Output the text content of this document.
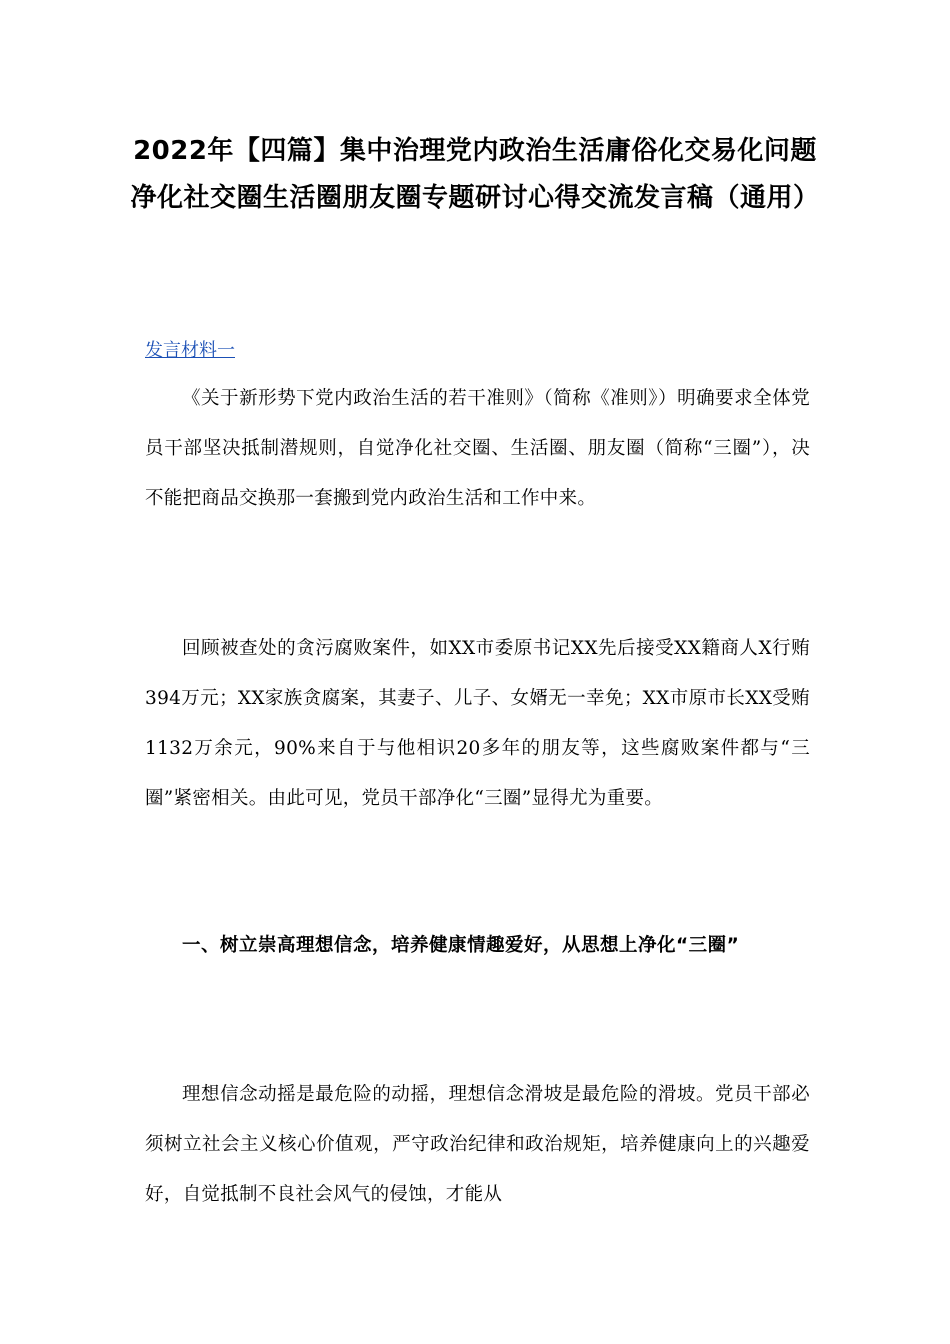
2022年【四篇】集中治理党内政治生活庸俗化交易化问题净化社交圈生活圈朋友圈专题研讨心得交流发言稿（通用）

发言材料一

《关于新形势下党内政治生活的若干准则》（简称《准则》）明确要求全体党员干部坚决抵制潜规则，自觉净化社交圈、生活圈、朋友圈（简称“三圈”），决不能把商品交换那一套搬到党内政治生活和工作中来。

回顾被查处的贪污腐败案件，如XX市委原书记XX先后接受XX籍商人X行贿394万元；XX家族贪腐案，其妻子、儿子、女婿无一幸免；XX市原市长XX受贿1132万余元，90%来自于与他相识20多年的朋友等，这些腐败案件都与“三圈”紧密相关。由此可见，党员干部净化“三圈”显得尤为重要。

一、树立崇高理想信念，培养健康情趣爱好，从思想上净化“三圈”

理想信念动摇是最危险的动摇，理想信念滑坡是最危险的滑坡。党员干部必须树立社会主义核心价值观，严守政治纪律和政治规矩，培养健康向上的兴趣爱好，自觉抵制不良社会风气的侵蚀，才能从
